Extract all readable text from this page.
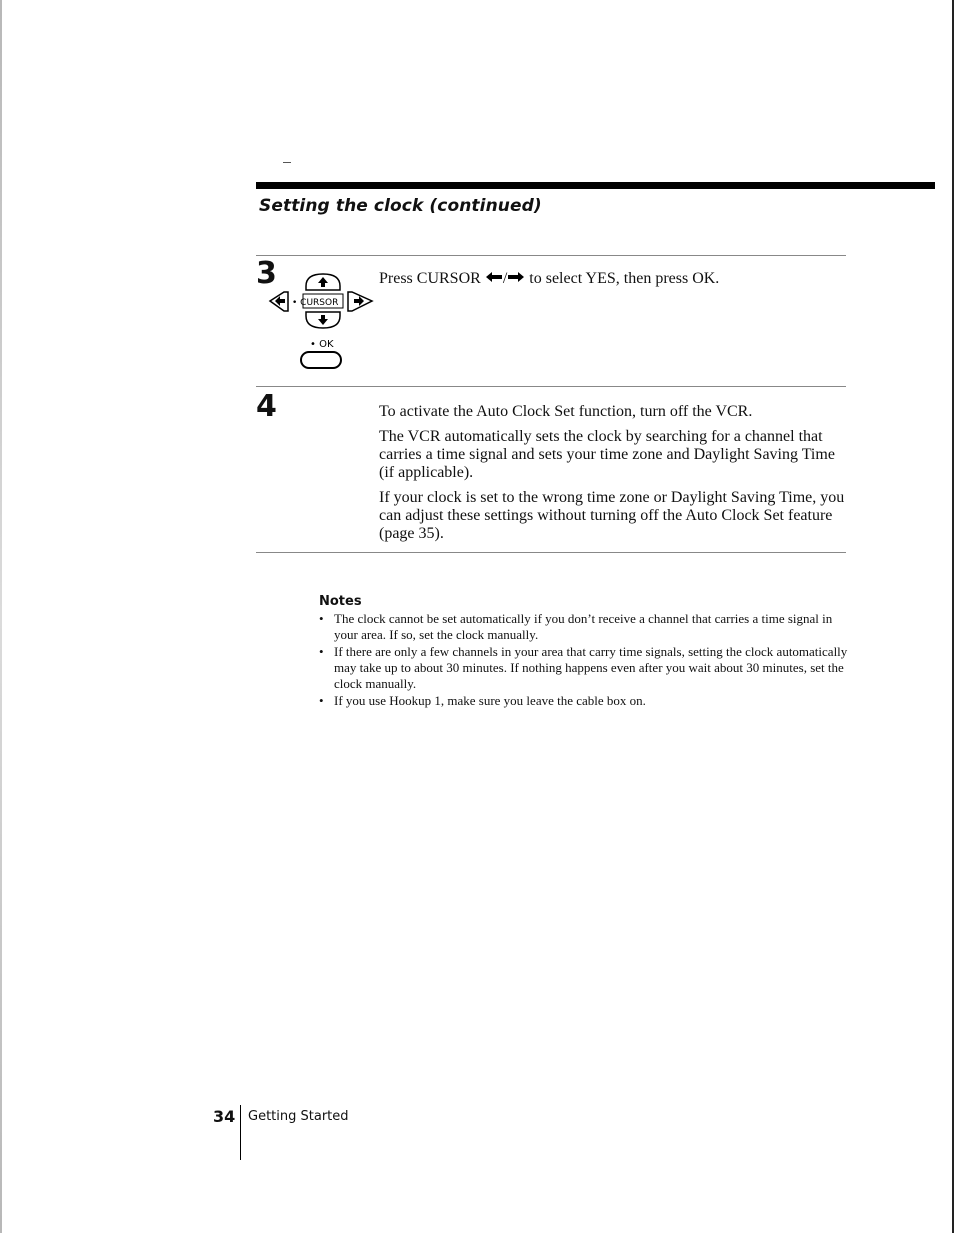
Setting the clock (continued)
3
• CURSOR
• OK
Press CURSOR / to select YES, then press OK.
4	To activate the Auto Clock Set function, turn off the VCR.

The VCR automatically sets the clock by searching for a channel that carries a time signal and sets your time zone and Daylight Saving Time (if applicable).

If your clock is set to the wrong time zone or Daylight Saving Time, you can adjust these settings without turning off the Auto Clock Set feature (page 35).

Notes
• The clock cannot be set automatically if you don’t receive a channel that carries a time signal in your area. If so, set the clock manually.
• If there are only a few channels in your area that carry time signals, setting the clock automatically may take up to about 30 minutes. If nothing happens even after you wait about 30 minutes, set the clock manually.
• If you use Hookup 1, make sure you leave the cable box on.
34 Getting Started
